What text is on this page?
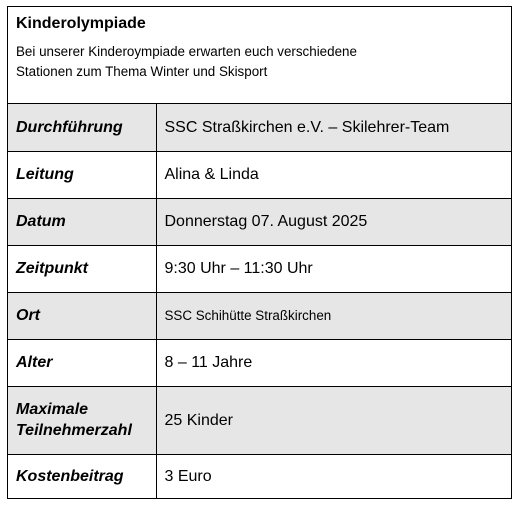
Kinderolympiade

Bei unserer Kinderoympiade erwarten euch verschiedene
Stationen zum Thema Winter und Skisport

Durchführung	SSC Straßkirchen e.V. – Skilehrer-Team
Leitung	Alina & Linda
Datum	Donnerstag 07. August 2025
Zeitpunkt	9:30 Uhr – 11:30 Uhr
Ort	SSC Schihütte Straßkirchen
Alter	8 – 11 Jahre
Maximale
Teilnehmerzahl	25 Kinder
Kostenbeitrag	3 Euro
